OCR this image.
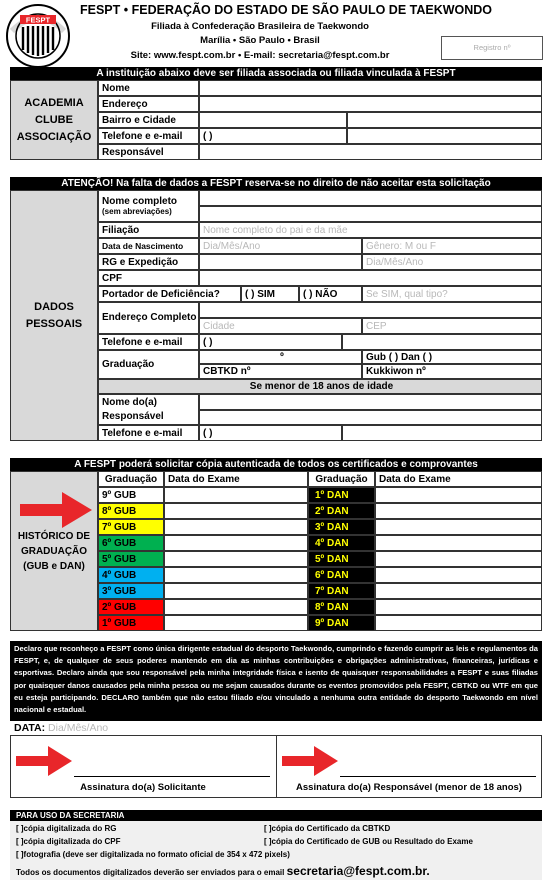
FESPT
FESPT • FEDERAÇÃO DO ESTADO DE SÃO PAULO DE TAEKWONDO
Filiada à Confederação Brasileira de Taekwondo
Marília • São Paulo • Brasil
Site: www.fespt.com.br • E-mail: secretaria@fespt.com.br
Registro nº
A instituição abaixo deve ser filiada associada ou filiada vinculada à FESPT
ACADEMIA CLUBE ASSOCIAÇÃO
Nome
Endereço
Bairro e Cidade
Telefone e e-mail	( )
Responsável
ATENÇÃO! Na falta de dados a FESPT reserva-se no direito de não aceitar esta solicitação
DADOS PESSOAIS
Nome completo
(sem abreviações)
Filiação	Nome completo do pai e da mãe
Data de Nascimento	Dia/Mês/Ano	Gênero: M ou F
RG e Expedição	Dia/Mês/Ano
CPF
Portador de Deficiência?	( ) SIM	( ) NÃO	Se SIM, qual tipo?
Endereço Completo
Cidade	CEP
Telefone e e-mail	( )
Graduação
º	Gub ( ) Dan ( )
CBTKD nº	Kukkiwon nº
Se menor de 18 anos de idade
Nome do(a) Responsável
Telefone e e-mail	( )
A FESPT poderá solicitar cópia autenticada de todos os certificados e comprovantes
HISTÓRICO DE GRADUAÇÃO (GUB e DAN)
Graduação	Data do Exame	Graduação	Data do Exame
9º GUB	1º DAN
8º GUB	2º DAN
7º GUB	3º DAN
6º GUB	4º DAN
5º GUB	5º DAN
4º GUB	6º DAN
3º GUB	7º DAN
2º GUB	8º DAN
1º GUB	9º DAN
Declaro que reconheço a FESPT como única dirigente estadual do desporto Taekwondo, cumprindo e fazendo cumprir as leis e regulamentos da FESPT, e, de qualquer de seus poderes mantendo em dia as minhas contribuições e obrigações administrativas, financeiras, jurídicas e esportivas. Declaro ainda que sou responsável pela minha integridade física e isento de quaisquer responsabilidades a FESPT e suas filiadas por quaisquer danos causados pela minha pessoa ou me sejam causados durante os eventos promovidos pela FESPT, CBTKD ou WTF em que eu esteja participando. DECLARO também que não estou filiado e/ou vinculado a nenhuma outra entidade do desporto Taekwondo em nível nacional e estadual.
DATA:
Dia/Mês/Ano
Assinatura do(a) Solicitante	Assinatura do(a) Responsável (menor de 18 anos)
PARA USO DA SECRETARIA
[ ]cópia digitalizada do RG
[ ]cópia digitalizada do CPF
[ ]fotografia (deve ser digitalizada no formato oficial de 354 x 472 pixels)
[ ]cópia do Certificado da CBTKD
[ ]cópia do Certificado de GUB ou Resultado do Exame
Todos os documentos digitalizados deverão ser enviados para o email secretaria@fespt.com.br.
